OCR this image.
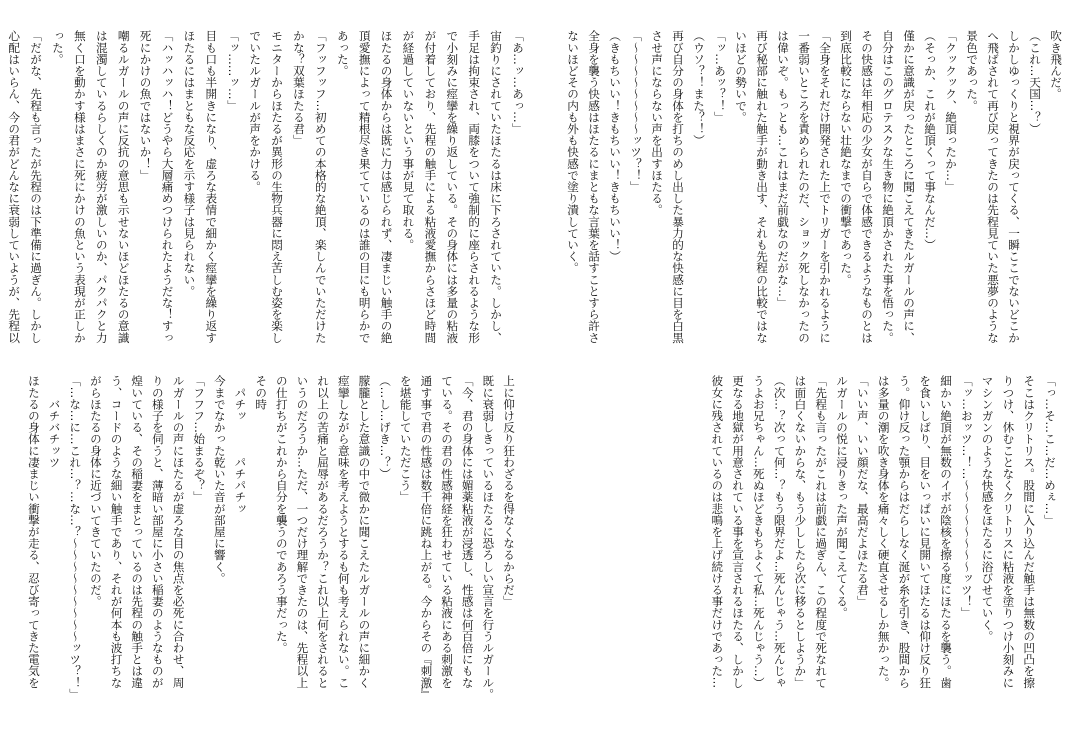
吹き飛んだ。
（これ…天国…？）
しかしゆっくりと視界が戻ってくる、一瞬ここでないどこか
へ飛ばされて再び戻ってきたのは先程見ていた悪夢のような
景色であった。
「クックック、絶頂ったか…」
（そっか、これが絶頂くって事なんだ…）
僅かに意識が戻ったところに聞こえてきたルガールの声に、
自分はこのグロテスクな生き物に絶頂かされた事を悟った。
その快感は年相応の少女が自らで体感できるようなものとは
到底比較にならない壮絶なまでの衝撃であった。
「全身をそれだけ開発された上でトリガーを引かれるように
一番弱いところを責められたのだ、ショック死しなかったの
は偉いぞ。もっとも…これはまだ前戯なのだがな…」
再び秘部に触れた触手が動き出す、それも先程の比較ではな
いほどの勢いで。
「ッ…あッ？！」
（ウソ？！また？！）
再び自分の身体を打ちのめし出した暴力的な快感に目を白黒
させ声にならない声を出すほたる。
「～～～～～～～～ッツ？！」
（きもちいい！きもちいい！きもちいい！）
全身を襲う快感はほたるにまともな言葉を話すことすら許さ
ないほどその内も外も快感で塗り潰していく。
「っ…そ…こ…だ…めぇ…」
そこはクリトリス。股間に入り込んだ触手は無数の凹凸を擦
りつけ、休むことなくクリトリスに粘液を塗りつけ小刻みに
マシンガンのような快感をほたるに浴びせていく。
「ッ…おッツ…！…～～～～～～～～ッツ！」
細かい絶頂が無数のイボが陰核を擦る度にほたるを襲う。歯
を食いしばり、目をいっぱいに見開いてほたるは仰け反り狂
う。仰け反った顎からはだらしなく涎が糸を引き、股間から
は多量の潮を吹き身体を痛々しく硬直させるしか無かった。
「いい声、いい顔だな、最高だよほたる君」
ルガールの悦に浸りきった声が聞こえてくる。
「先程も言ったがこれは前戯に過ぎん、この程度で死なれて
は面白くないからな、もう少ししたら次に移るとしようか」
（次…？次って何…？もう限界だよ…死んじゃう…死んじゃ
うよお兄ちゃん…死ぬほどきもちよくて私…死んじゃう…）
更なる地獄が用意されている事を宣言されるほたる、しかし
彼女に残されているのは悲鳴を上げ続ける事だけであった…
「あ…ッ…あっ…」
宙釣りにされていたほたるは床に下ろされていた。しかし、
手足は拘束され、両膝をついて強制的に座らされるような形
で小刻みに痙攣を繰り返している。その身体には多量の粘液
が付着しており、先程の触手による粘液愛撫からさほど時間
が経過していないという事が見て取れる。
ほたるの身体からは既に力は感じられず、凄まじい触手の絶
頂愛撫によって精根尽き果てているのは誰の目にも明らかで
あった。
「フッフッフ…初めての本格的な絶頂、楽しんでいただけた
かな？双葉ほたる君」
モニターからほたるが異形の生物兵器に悶え苦しむ姿を楽し
でいたルガールが声をかける。
「ッ……ッ…」
目も口も半開きになり、虚ろな表情で細かく痙攣を繰り返す
ほたるにはまともな反応を示す様子は見られない。
「ハッハッハ！どうやら大層痛めつけられたようだな！すっ
死にかけの魚ではないか！」
嘲るルガールの声に反抗の意思も示せないほどほたるの意識
は混濁しているらしくのか疲労が激しいのか、パクパクと力
無く口を動かす様はまさに死にかけの魚という表現が正しか
った。
「だがな、先程も言ったが先程のは下準備に過ぎん。しかし
心配はいらん、今の君がどんなに衰弱していようが、先程以
上に仰け反り狂わざるを得なくなるからだ」
既に衰弱しきっているほたるに恐ろしい宣言を行うルガール。
「今、君の身体には媚薬粘液が浸透し、性感は何百倍にもな
ている。その君の性感神経を狂わせている粘液にある刺激を
通す事で君の性感は数千倍に跳ね上がる。今からその『刺激』
を堪能していただこう」
（…し…げき…？）
朦朧とした意識の中で微かに聞こえたルガールの声に細かく
痙攣しながら意味を考えようとするも何も考えられない。こ
れ以上の苦痛と屈辱があるだろうか？これ以上何をされると
いうのだろうか…ただ、一つだけ理解できたのは、先程以上
の仕打ちがこれから自分を襲うのであろう事だった。
その時
　パチッ　　　パチパチッ
今までなかった乾いた音が部屋に響く。
「フフフ…始まるぞ？」
ルガールの声にほたるが虚ろな目の焦点を必死に合わせ、周
りの様子を伺うと、薄暗い部屋に小さい稲妻のようなものが
煌いている、その稲妻をまとっているのは先程の触手とは違
う、コードのような細い触手であり、それが何本も波打ちな
がらほたるの身体に近づいてきていたのだ。
「…な…に…これ…？…な…？～～～～～～～～～ッツ？！」
　　バチバチッツ
ほたるの身体に凄まじい衝撃が走る、忍び寄ってきた電気を
